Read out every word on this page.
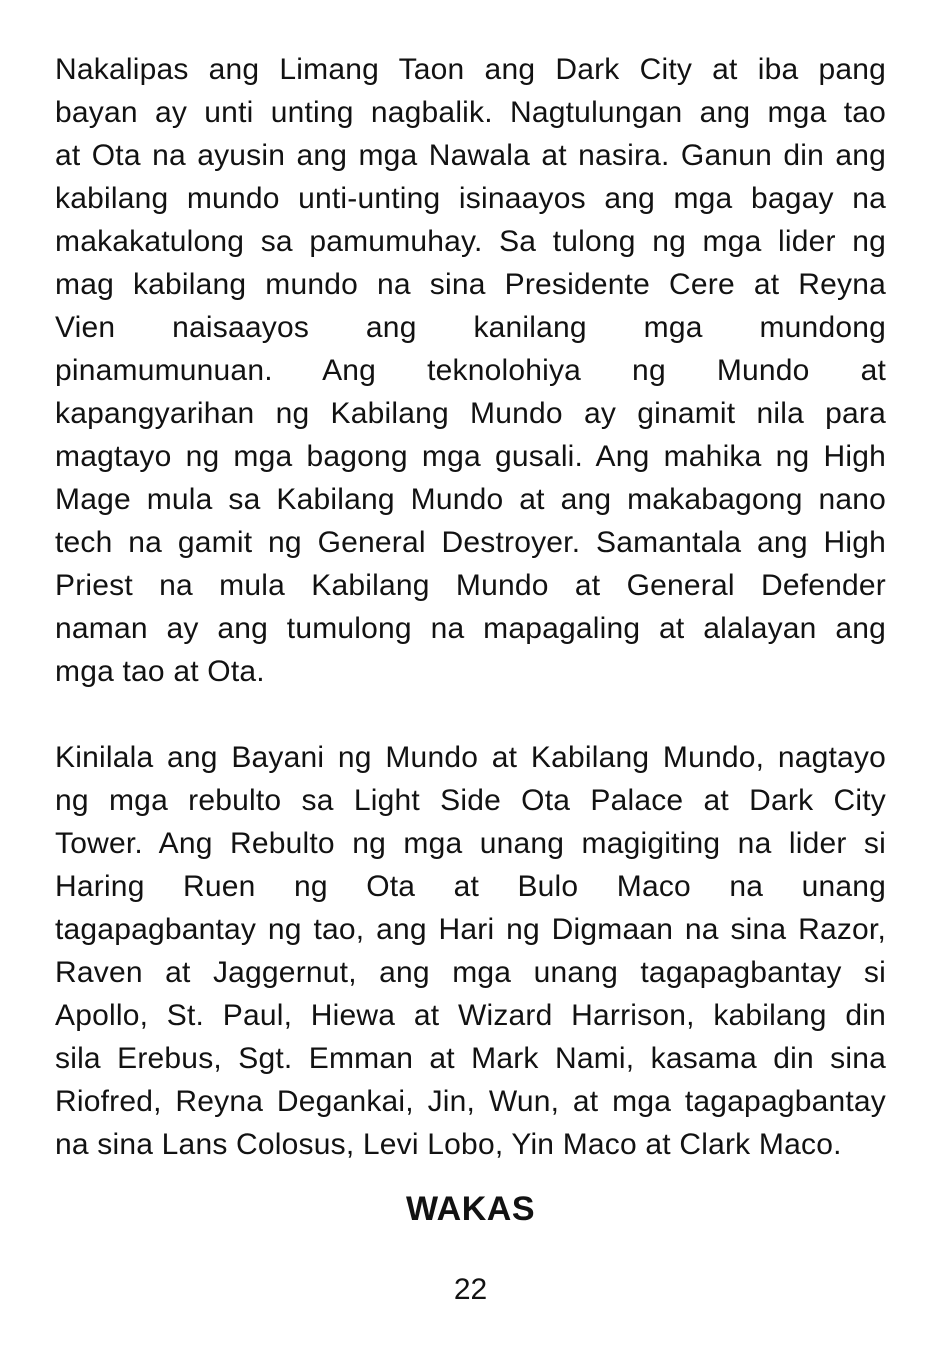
Nakalipas ang Limang Taon ang Dark City at iba pang
bayan ay unti unting nagbalik. Nagtulungan ang mga tao
at Ota na ayusin ang mga Nawala at nasira. Ganun din ang
kabilang mundo unti-unting isinaayos ang mga bagay na
makakatulong sa pamumuhay. Sa tulong ng mga lider ng
mag kabilang mundo na sina Presidente Cere at Reyna
Vien naisaayos ang kanilang mga mundong
pinamumunuan. Ang teknolohiya ng Mundo at
kapangyarihan ng Kabilang Mundo ay ginamit nila para
magtayo ng mga bagong mga gusali. Ang mahika ng High
Mage mula sa Kabilang Mundo at ang makabagong nano
tech na gamit ng General Destroyer. Samantala ang High
Priest na mula Kabilang Mundo at General Defender
naman ay ang tumulong na mapagaling at alalayan ang
mga tao at Ota.
Kinilala ang Bayani ng Mundo at Kabilang Mundo, nagtayo
ng mga rebulto sa Light Side Ota Palace at Dark City
Tower. Ang Rebulto ng mga unang magigiting na lider si
Haring Ruen ng Ota at Bulo Maco na unang
tagapagbantay ng tao, ang Hari ng Digmaan na sina Razor,
Raven at Jaggernut, ang mga unang tagapagbantay si
Apollo, St. Paul, Hiewa at Wizard Harrison, kabilang din
sila Erebus, Sgt. Emman at Mark Nami, kasama din sina
Riofred, Reyna Degankai, Jin, Wun, at mga tagapagbantay
na sina Lans Colosus, Levi Lobo, Yin Maco at Clark Maco.
WAKAS
22
